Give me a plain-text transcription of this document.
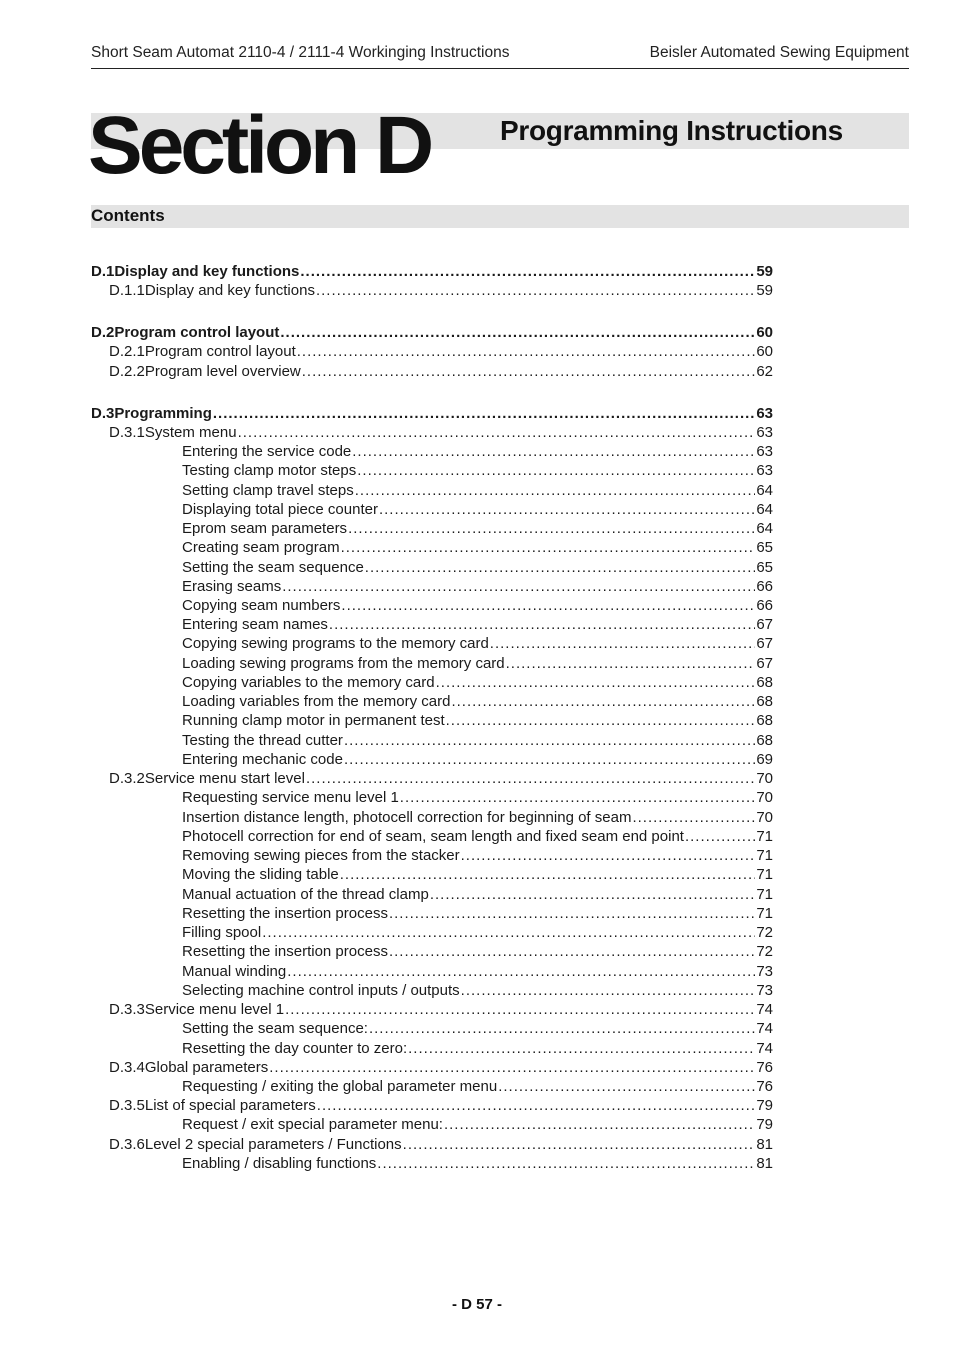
Short Seam Automat 2110-4 / 2111-4 Workinging Instructions	Beisler Automated Sewing Equipment
Section D Programming Instructions
Contents
D.1 Display and key functions .....	59
D.1.1 Display and key functions .....	59
D.2 Program control layout .....	60
D.2.1 Program control layout .....	60
D.2.2 Program level overview .....	62
D.3 Programming .....	63
D.3.1 System menu .....	63
Entering the service code .....	63
Testing clamp motor steps .....	63
Setting clamp travel steps .....	64
Displaying total piece counter .....	64
Eprom seam parameters .....	64
Creating seam program .....	65
Setting the seam sequence .....	65
Erasing seams .....	66
Copying seam numbers .....	66
Entering seam names .....	67
Copying sewing programs to the memory card .....	67
Loading sewing programs from the memory card .....	67
Copying variables to the memory card .....	68
Loading variables from the memory card .....	68
Running clamp motor in permanent test .....	68
Testing the thread cutter .....	68
Entering mechanic code .....	69
D.3.2 Service menu start level .....	70
Requesting service menu level 1 .....	70
Insertion distance length, photocell correction for beginning of seam .....	70
Photocell correction for end of seam, seam length and fixed seam end point .....	71
Removing sewing pieces from the stacker .....	71
Moving the sliding table .....	71
Manual actuation of the thread clamp .....	71
Resetting the insertion process .....	71
Filling spool .....	72
Resetting the insertion process .....	72
Manual winding .....	73
Selecting machine control inputs / outputs .....	73
D.3.3 Service menu level 1 .....	74
Setting the seam sequence: .....	74
Resetting the day counter to zero: .....	74
D.3.4 Global parameters .....	76
Requesting / exiting the global parameter menu .....	76
D.3.5 List of special parameters .....	79
Request / exit special parameter menu: .....	79
D.3.6 Level 2 special parameters / Functions .....	81
Enabling / disabling functions .....	81
- D 57 -
